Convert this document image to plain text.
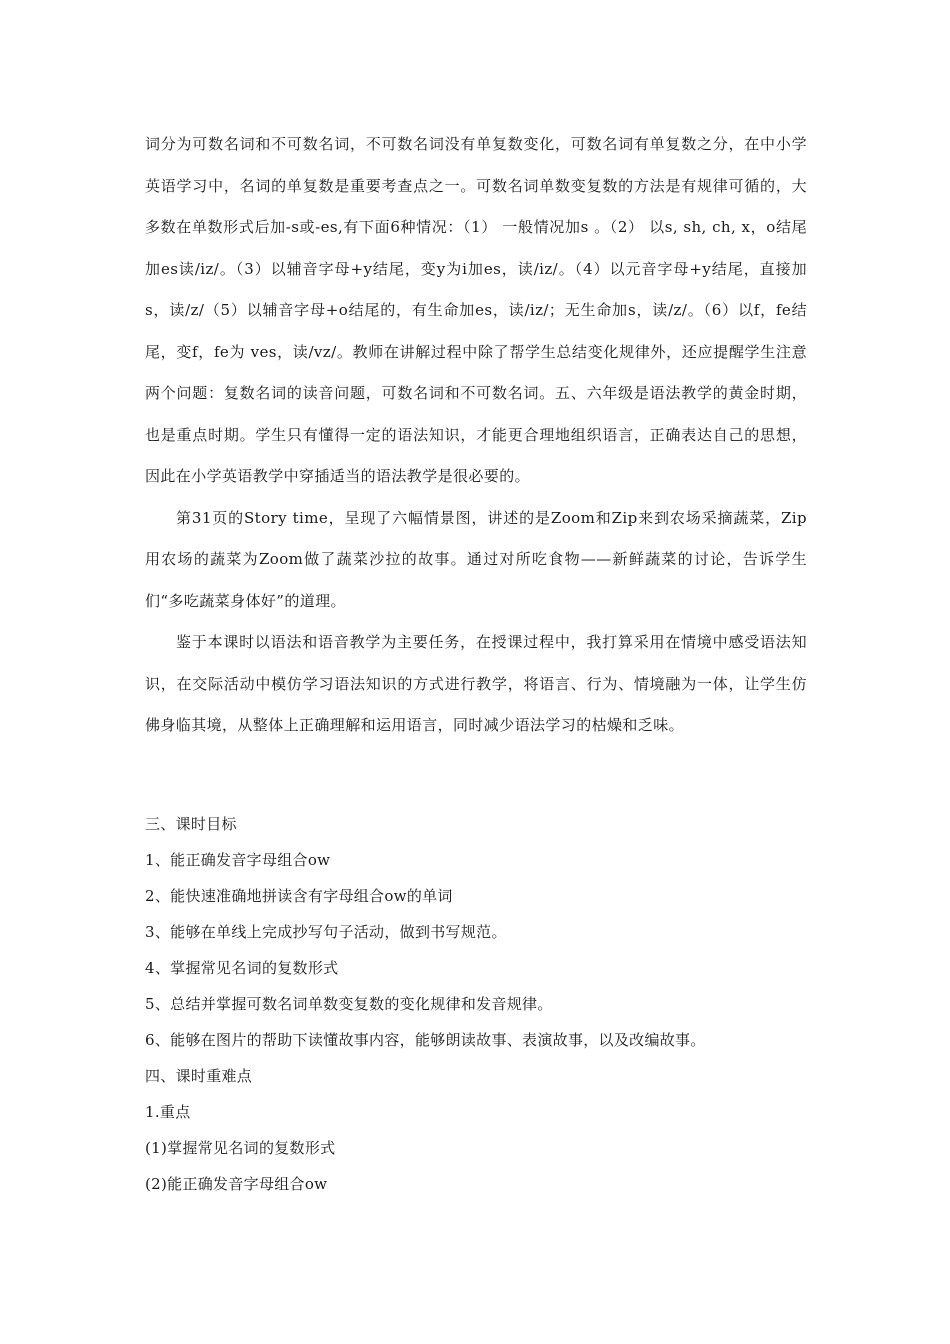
词分为可数名词和不可数名词，不可数名词没有单复数变化，可数名词有单复数之分，在中小学英语学习中，名词的单复数是重要考查点之一。可数名词单数变复数的方法是有规律可循的，大多数在单数形式后加-s或-es,有下面6种情况：（1） 一般情况加s 。（2） 以s, sh, ch, x，o结尾加es读/iz/。（3）以辅音字母+y结尾，变y为i加es，读/iz/。（4）以元音字母+y结尾，直接加s，读/z/（5）以辅音字母+o结尾的，有生命加es，读/iz/；无生命加s，读/z/。（6）以f，fe结尾，变f，fe为 ves，读/vz/。教师在讲解过程中除了帮学生总结变化规律外，还应提醒学生注意两个问题：复数名词的读音问题，可数名词和不可数名词。五、六年级是语法教学的黄金时期，也是重点时期。学生只有懂得一定的语法知识，才能更合理地组织语言，正确表达自己的思想，因此在小学英语教学中穿插适当的语法教学是很必要的。

第31页的Story time，呈现了六幅情景图，讲述的是Zoom和Zip来到农场采摘蔬菜，Zip用农场的蔬菜为Zoom做了蔬菜沙拉的故事。通过对所吃食物——新鲜蔬菜的讨论，告诉学生们“多吃蔬菜身体好”的道理。

鉴于本课时以语法和语音教学为主要任务，在授课过程中，我打算采用在情境中感受语法知识，在交际活动中模仿学习语法知识的方式进行教学，将语言、行为、情境融为一体，让学生仿佛身临其境，从整体上正确理解和运用语言，同时减少语法学习的枯燥和乏味。

三、课时目标

1、能正确发音字母组合ow

2、能快速准确地拼读含有字母组合ow的单词

3、能够在单线上完成抄写句子活动，做到书写规范。

4、掌握常见名词的复数形式

5、总结并掌握可数名词单数变复数的变化规律和发音规律。

6、能够在图片的帮助下读懂故事内容，能够朗读故事、表演故事，以及改编故事。

四、课时重难点

1.重点

(1)掌握常见名词的复数形式

(2)能正确发音字母组合ow
